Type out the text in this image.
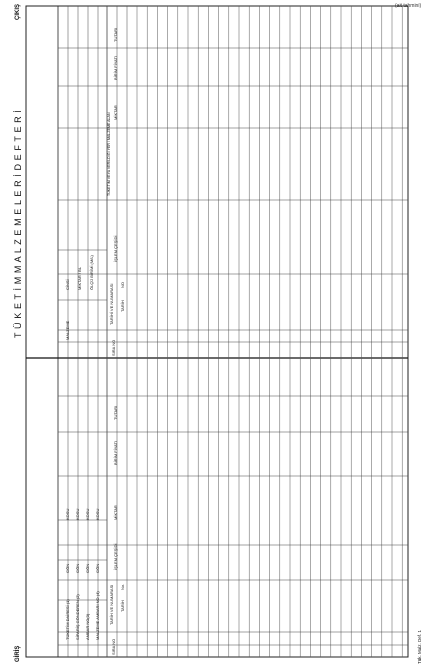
(ait tahmini)
T Ü K E T İ M M A L Z E M E L E R İ D E F T E R İ
GİRİŞ
ÇIKIŞ
TÜKETİM DAİRESİ (1) SİPARİŞ GÖNDEREN (2) AMBAR NO(3) MALZEME AMBARI NO (4)
GÖN GÖN GÖN GÖN
KOSU KOSU KOSU KOSU
SIRA NO
TARİH VE NUMARASI TARİH
No.
İŞLEM ÇEŞİDİ
MİKTAR
BİRİM FİYATI
TUTARI
MALZEME
CİNSİ MİKTAR / BL ÖLÇÜ BİRİMİ (M/L)
SIRA NO
TARİHİ VE NUMARASI TARİH
NO
İŞLEM ÇEŞİDİ
TÜKETİM VEYA VERİLDİĞİ YER / MALZEME ALAN MİKTAR
BİRİM FİYATI
TUTARI
Tük. Malz. Def. 1
